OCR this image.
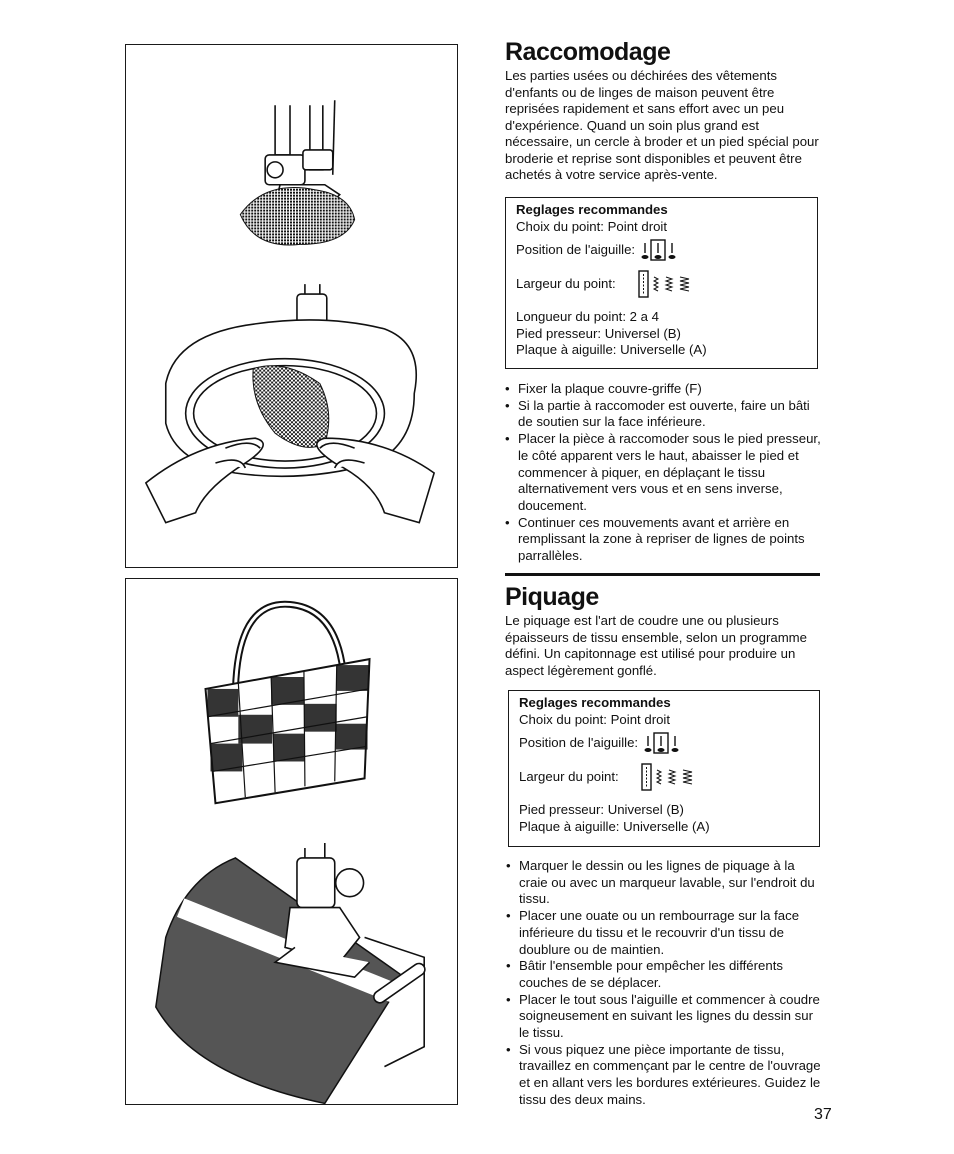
Raccomodage

Les parties usées ou déchirées des vêtements d'enfants ou de linges de maison peuvent être reprisées rapidement et sans effort avec un peu d'expérience. Quand un soin plus grand est nécessaire, un cercle à broder et un pied spécial pour broderie et reprise sont disponibles et peuvent être achetés à votre service après-vente.

Reglages recommandes
Choix du point: Point droit
Position de l'aiguille:
Largeur du point:
Longueur du point: 2 a 4
Pied presseur: Universel (B)
Plaque à aiguille: Universelle (A)
• Fixer la plaque couvre-griffe (F)
• Si la partie à raccomoder est ouverte, faire un bâti de soutien sur la face inférieure.
• Placer la pièce à raccomoder sous le pied presseur, le côté apparent vers le haut, abaisser le pied et commencer à piquer, en déplaçant le tissu alternativement vers vous et en sens inverse, doucement.
• Continuer ces mouvements avant et arrière en remplissant la zone à repriser de lignes de points parrallèles.
Piquage

Le piquage est l'art de coudre une ou plusieurs épaisseurs de tissu ensemble, selon un programme défini. Un capitonnage est utilisé pour produire un aspect légèrement gonflé.

Reglages recommandes
Choix du point: Point droit
Position de l'aiguille:
Largeur du point:
Pied presseur: Universel (B)
Plaque à aiguille: Universelle (A)
• Marquer le dessin ou les lignes de piquage à la craie ou avec un marqueur lavable, sur l'endroit du tissu.
• Placer une ouate ou un rembourrage sur la face inférieure du tissu et le recouvrir d'un tissu de doublure ou de maintien.
• Bâtir l'ensemble pour empêcher les différents couches de se déplacer.
• Placer le tout sous l'aiguille et commencer à coudre soigneusement en suivant les lignes du dessin sur le tissu.
• Si vous piquez une pièce importante de tissu, travaillez en commençant par le centre de l'ouvrage et en allant vers les bordures extérieures. Guidez le tissu des deux mains.
37
